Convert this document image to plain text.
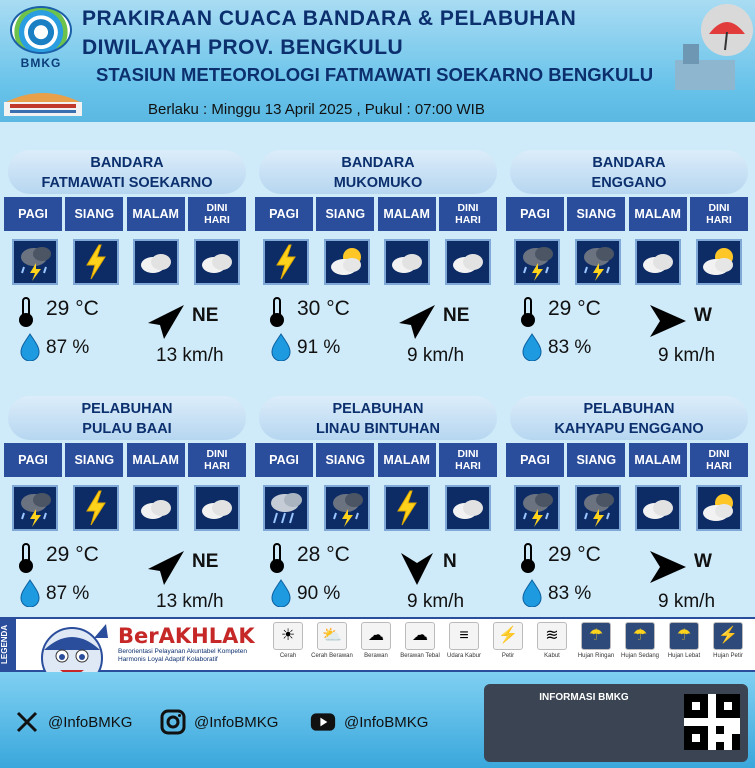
BMKG
PRAKIRAAN CUACA BANDARA & PELABUHAN
DIWILAYAH PROV. BENGKULU
STASIUN METEOROLOGI FATMAWATI SOEKARNO BENGKULU
Berlaku : Minggu 13 April 2025 , Pukul : 07:00 WIB
BANDARA
FATMAWATI SOEKARNO
PAGI	SIANG	MALAM	DINI
HARI
29 °C	NE
87 %	13 km/h
BANDARA
MUKOMUKO
PAGI	SIANG	MALAM	DINI
HARI
30 °C	NE
91 %	9 km/h
BANDARA
ENGGANO
PAGI	SIANG	MALAM	DINI
HARI
29 °C	W
83 %	9 km/h
PELABUHAN
PULAU BAAI
PAGI	SIANG	MALAM	DINI
HARI
29 °C	NE
87 %	13 km/h
PELABUHAN
LINAU BINTUHAN
PAGI	SIANG	MALAM	DINI
HARI
28 °C	N
90 %	9 km/h
PELABUHAN
KAHYAPU ENGGANO
PAGI	SIANG	MALAM	DINI
HARI
29 °C	W
83 %	9 km/h
LEGENDA	BerAKHLAK
Berorientasi Pelayanan Akuntabel Kompeten
Harmonis Loyal Adaptif Kolaboratif
☀
Cerah
⛅
Cerah Berawan
☁
Berawan
☁
Berawan Tebal
≡
Udara Kabur
⚡
Petir
≋
Kabut
☂
Hujan Ringan
☂
Hujan Sedang
☂
Hujan Lebat
⚡
Hujan Petir
@InfoBMKG	@InfoBMKG	@InfoBMKG
INFORMASI BMKG
